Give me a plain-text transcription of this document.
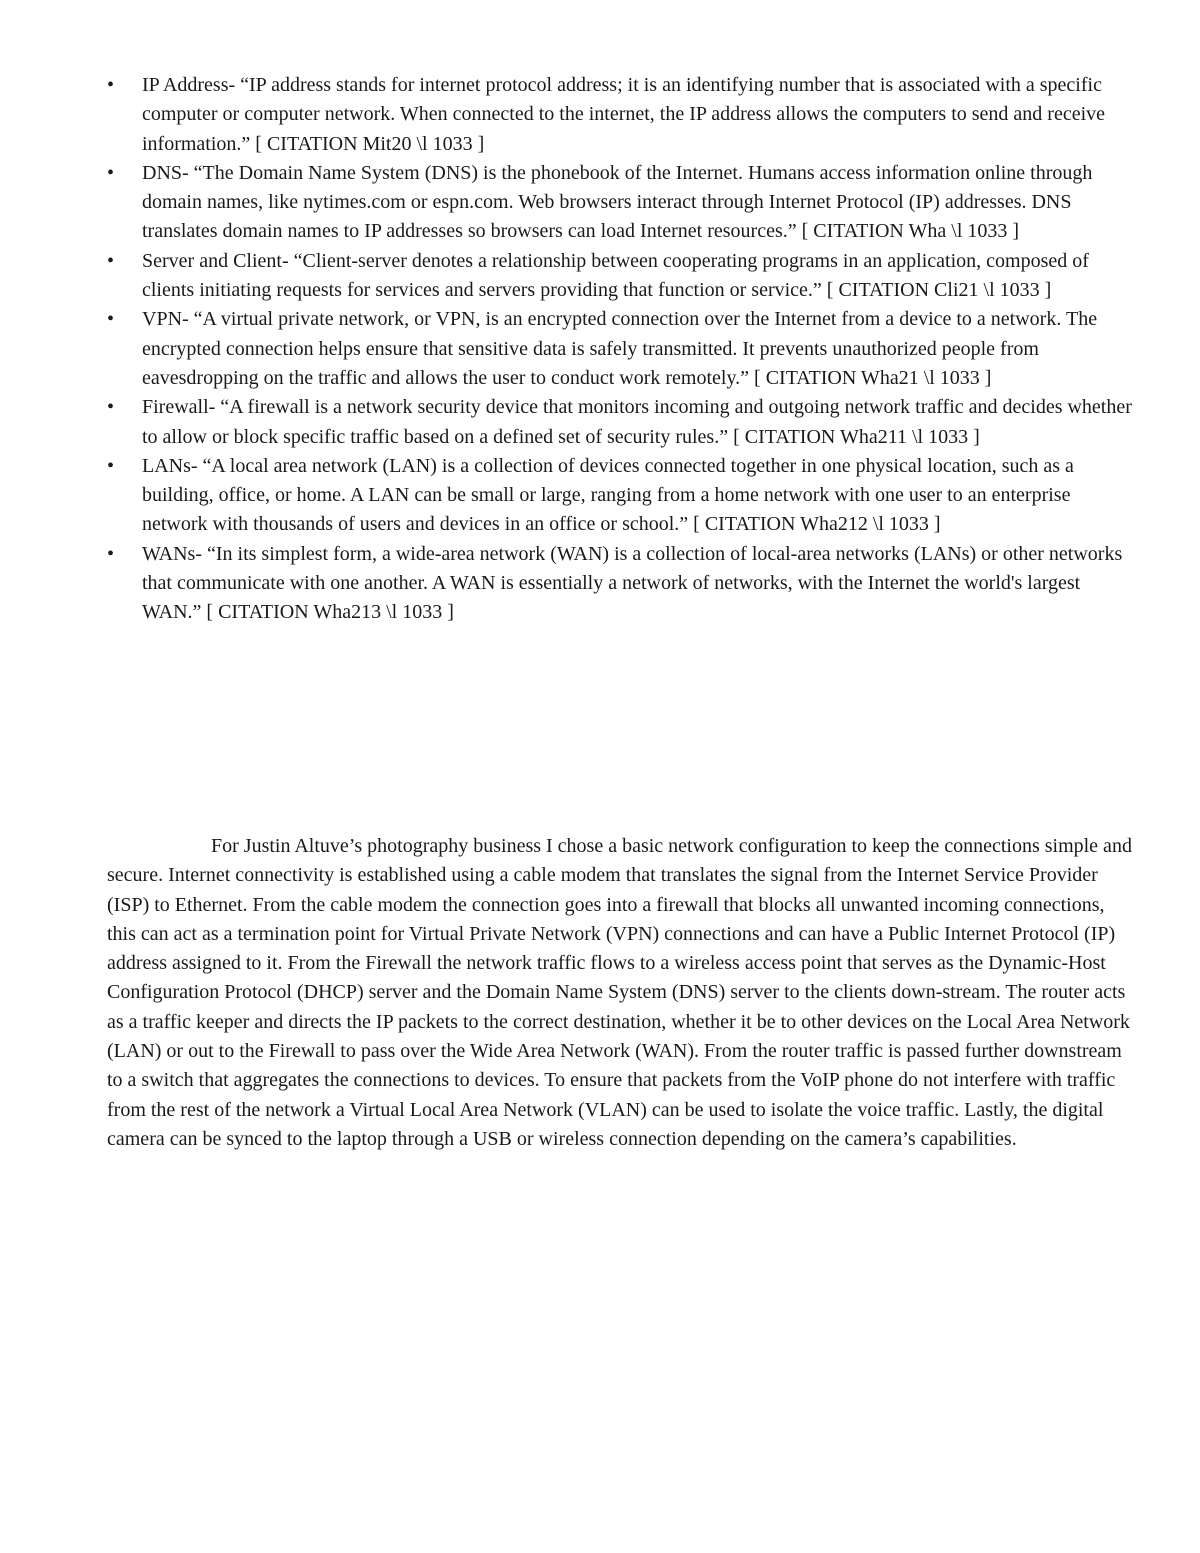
• IP Address- “IP address stands for internet protocol address; it is an identifying number that is associated with a specific computer or computer network. When connected to the internet, the IP address allows the computers to send and receive information.” [ CITATION Mit20 \l 1033 ]
• DNS- “The Domain Name System (DNS) is the phonebook of the Internet. Humans access information online through domain names, like nytimes.com or espn.com. Web browsers interact through Internet Protocol (IP) addresses. DNS translates domain names to IP addresses so browsers can load Internet resources.” [ CITATION Wha \l 1033 ]
• Server and Client- “Client-server denotes a relationship between cooperating programs in an application, composed of clients initiating requests for services and servers providing that function or service.” [ CITATION Cli21 \l 1033 ]
• VPN- “A virtual private network, or VPN, is an encrypted connection over the Internet from a device to a network. The encrypted connection helps ensure that sensitive data is safely transmitted. It prevents unauthorized people from eavesdropping on the traffic and allows the user to conduct work remotely.” [ CITATION Wha21 \l 1033 ]
• Firewall- “A firewall is a network security device that monitors incoming and outgoing network traffic and decides whether to allow or block specific traffic based on a defined set of security rules.” [ CITATION Wha211 \l 1033 ]
• LANs- “A local area network (LAN) is a collection of devices connected together in one physical location, such as a building, office, or home. A LAN can be small or large, ranging from a home network with one user to an enterprise network with thousands of users and devices in an office or school.” [ CITATION Wha212 \l 1033 ]
• WANs- “In its simplest form, a wide-area network (WAN) is a collection of local-area networks (LANs) or other networks that communicate with one another. A WAN is essentially a network of networks, with the Internet the world's largest WAN.” [ CITATION Wha213 \l 1033 ]

For Justin Altuve’s photography business I chose a basic network configuration to keep the connections simple and secure. Internet connectivity is established using a cable modem that translates the signal from the Internet Service Provider (ISP) to Ethernet. From the cable modem the connection goes into a firewall that blocks all unwanted incoming connections, this can act as a termination point for Virtual Private Network (VPN) connections and can have a Public Internet Protocol (IP) address assigned to it. From the Firewall the network traffic flows to a wireless access point that serves as the Dynamic-Host Configuration Protocol (DHCP) server and the Domain Name System (DNS) server to the clients down-stream. The router acts as a traffic keeper and directs the IP packets to the correct destination, whether it be to other devices on the Local Area Network (LAN) or out to the Firewall to pass over the Wide Area Network (WAN). From the router traffic is passed further downstream to a switch that aggregates the connections to devices. To ensure that packets from the VoIP phone do not interfere with traffic from the rest of the network a Virtual Local Area Network (VLAN) can be used to isolate the voice traffic. Lastly, the digital camera can be synced to the laptop through a USB or wireless connection depending on the camera’s capabilities.
